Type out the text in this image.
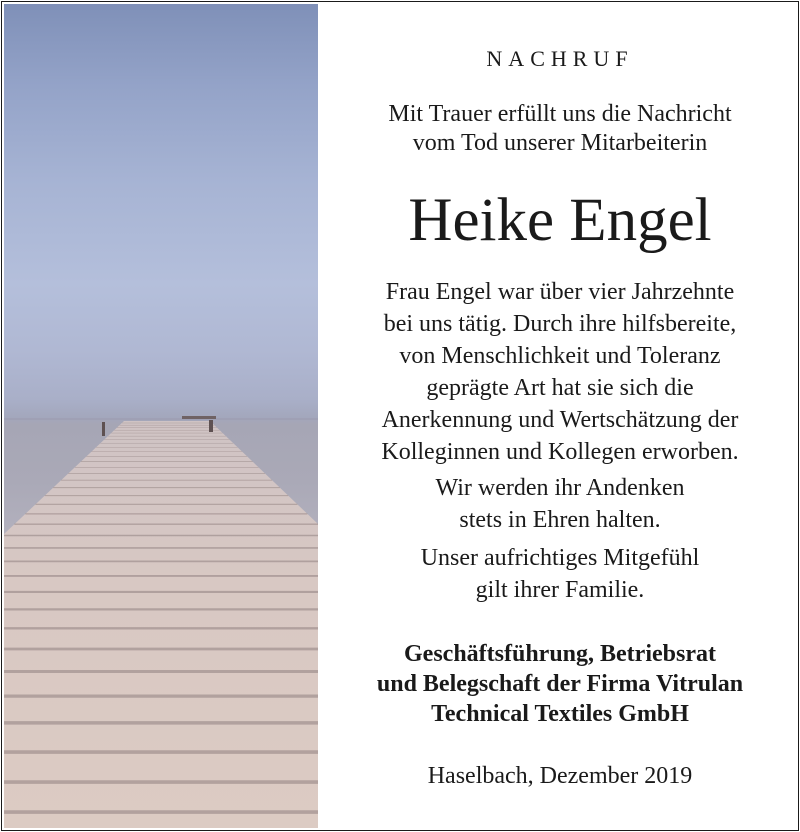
NACHRUF
Mit Trauer erfüllt uns die Nachricht
vom Tod unserer Mitarbeiterin
Heike Engel
Frau Engel war über vier Jahrzehnte
bei uns tätig. Durch ihre hilfsbereite,
von Menschlichkeit und Toleranz
geprägte Art hat sie sich die
Anerkennung und Wertschätzung der
Kolleginnen und Kollegen erworben.
Wir werden ihr Andenken
stets in Ehren halten.
Unser aufrichtiges Mitgefühl
gilt ihrer Familie.
Geschäftsführung, Betriebsrat
und Belegschaft der Firma Vitrulan
Technical Textiles GmbH
Haselbach, Dezember 2019
